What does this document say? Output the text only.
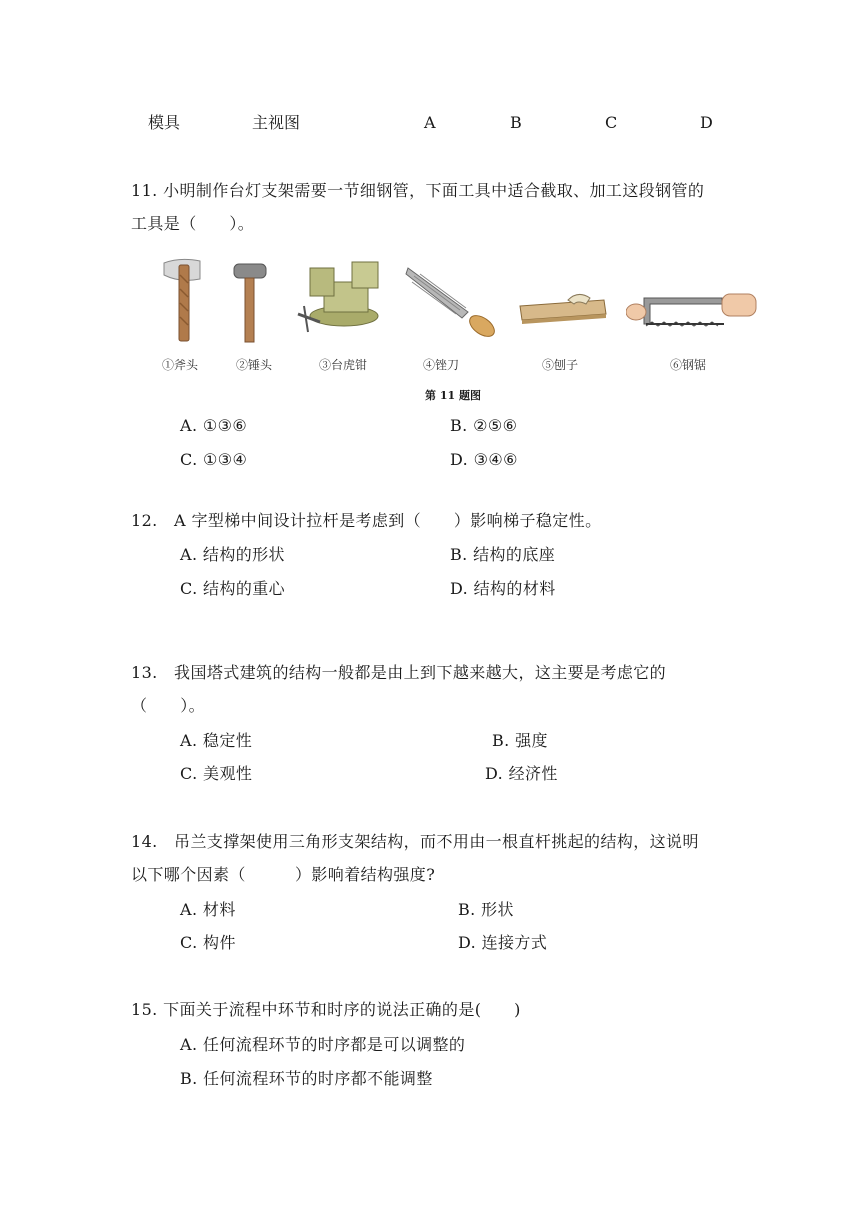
模具	主视图	A	B	C	D
11. 小明制作台灯支架需要一节细钢管，下面工具中适合截取、加工这段钢管的
工具是（　　）。
①斧头	②锤头	③台虎钳	④锉刀	⑤刨子	⑥钢锯
第 11 题图
A. ①③⑥	B. ②⑤⑥
C. ①③④	D. ③④⑥
12.　A 字型梯中间设计拉杆是考虑到（　　）影响梯子稳定性。
A. 结构的形状	B. 结构的底座
C. 结构的重心	D. 结构的材料
13.　我国塔式建筑的结构一般都是由上到下越来越大，这主要是考虑它的
（　　）。
A. 稳定性	B. 强度
C. 美观性	D. 经济性
14.　吊兰支撑架使用三角形支架结构，而不用由一根直杆挑起的结构，这说明
以下哪个因素（　　　）影响着结构强度?
A. 材料	B. 形状
C. 构件	D. 连接方式
15. 下面关于流程中环节和时序的说法正确的是(　　)
A. 任何流程环节的时序都是可以调整的
B. 任何流程环节的时序都不能调整
